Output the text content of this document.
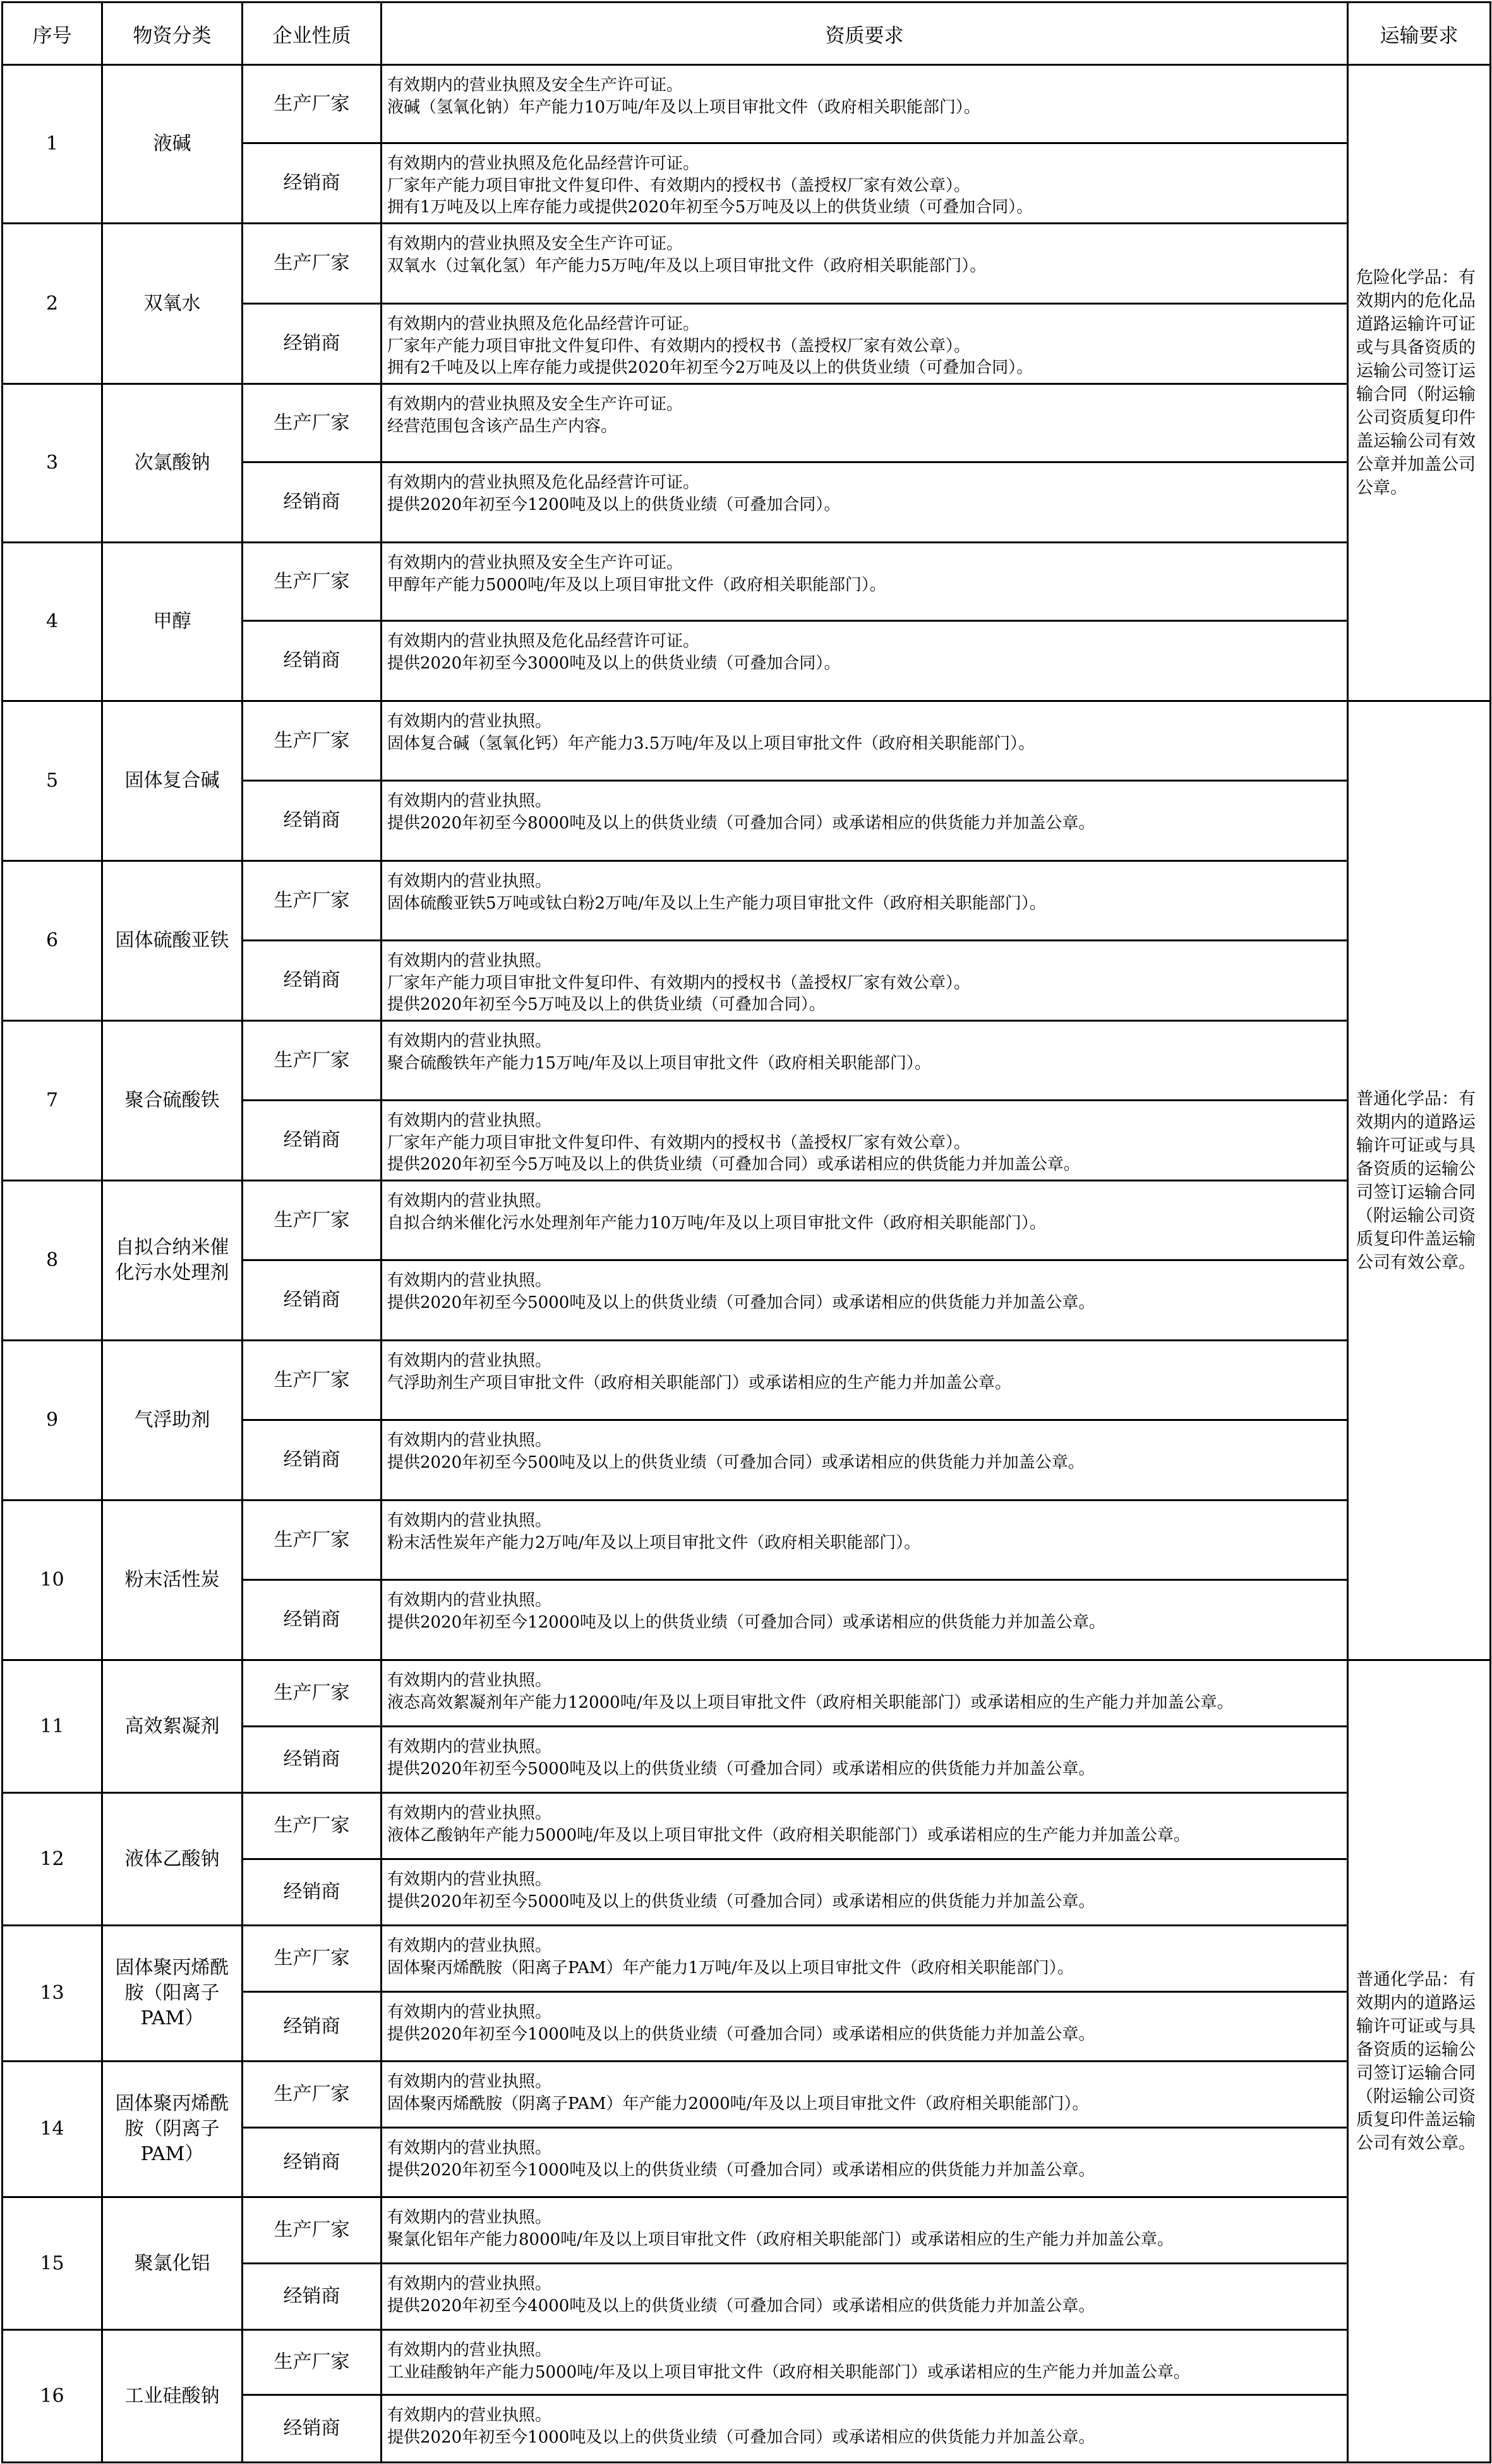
序号	物资分类	企业性质	资质要求	运输要求
1	液碱	生产厂家	有效期内的营业执照及安全生产许可证。
液碱（氢氧化钠）年产能力10万吨/年及以上项目审批文件（政府相关职能部门）。	危险化学品：有效期内的危化品道路运输许可证或与具备资质的运输公司签订运输合同（附运输公司资质复印件盖运输公司有效公章并加盖公司公章。

		经销商	有效期内的营业执照及危化品经营许可证。
厂家年产能力项目审批文件复印件、有效期内的授权书（盖授权厂家有效公章）。
拥有1万吨及以上库存能力或提供2020年初至今5万吨及以上的供货业绩（可叠加合同）。	

2	双氧水	生产厂家	有效期内的营业执照及安全生产许可证。
双氧水（过氧化氢）年产能力5万吨/年及以上项目审批文件（政府相关职能部门）。	

		经销商	有效期内的营业执照及危化品经营许可证。
厂家年产能力项目审批文件复印件、有效期内的授权书（盖授权厂家有效公章）。
拥有2千吨及以上库存能力或提供2020年初至今2万吨及以上的供货业绩（可叠加合同）。	

3	次氯酸钠	生产厂家	有效期内的营业执照及安全生产许可证。
经营范围包含该产品生产内容。	

		经销商	有效期内的营业执照及危化品经营许可证。
提供2020年初至今1200吨及以上的供货业绩（可叠加合同）。	

4	甲醇	生产厂家	有效期内的营业执照及安全生产许可证。
甲醇年产能力5000吨/年及以上项目审批文件（政府相关职能部门）。	

		经销商	有效期内的营业执照及危化品经营许可证。
提供2020年初至今3000吨及以上的供货业绩（可叠加合同）。	

5	固体复合碱	生产厂家	有效期内的营业执照。
固体复合碱（氢氧化钙）年产能力3.5万吨/年及以上项目审批文件（政府相关职能部门）。	普通化学品：有效期内的道路运输许可证或与具备资质的运输公司签订运输合同（附运输公司资质复印件盖运输公司有效公章。

		经销商	有效期内的营业执照。
提供2020年初至今8000吨及以上的供货业绩（可叠加合同）或承诺相应的供货能力并加盖公章。	

6	固体硫酸亚铁	生产厂家	有效期内的营业执照。
固体硫酸亚铁5万吨或钛白粉2万吨/年及以上生产能力项目审批文件（政府相关职能部门）。	

		经销商	有效期内的营业执照。
厂家年产能力项目审批文件复印件、有效期内的授权书（盖授权厂家有效公章）。
提供2020年初至今5万吨及以上的供货业绩（可叠加合同）。	

7	聚合硫酸铁	生产厂家	有效期内的营业执照。
聚合硫酸铁年产能力15万吨/年及以上项目审批文件（政府相关职能部门）。	

		经销商	有效期内的营业执照。
厂家年产能力项目审批文件复印件、有效期内的授权书（盖授权厂家有效公章）。
提供2020年初至今5万吨及以上的供货业绩（可叠加合同）或承诺相应的供货能力并加盖公章。	

8	自拟合纳米催化污水处理剂	生产厂家	有效期内的营业执照。
自拟合纳米催化污水处理剂年产能力10万吨/年及以上项目审批文件（政府相关职能部门）。	

		经销商	有效期内的营业执照。
提供2020年初至今5000吨及以上的供货业绩（可叠加合同）或承诺相应的供货能力并加盖公章。	

9	气浮助剂	生产厂家	有效期内的营业执照。
气浮助剂生产项目审批文件（政府相关职能部门）或承诺相应的生产能力并加盖公章。	

		经销商	有效期内的营业执照。
提供2020年初至今500吨及以上的供货业绩（可叠加合同）或承诺相应的供货能力并加盖公章。	

10	粉末活性炭	生产厂家	有效期内的营业执照。
粉末活性炭年产能力2万吨/年及以上项目审批文件（政府相关职能部门）。	

		经销商	有效期内的营业执照。
提供2020年初至今12000吨及以上的供货业绩（可叠加合同）或承诺相应的供货能力并加盖公章。	

11	高效絮凝剂	生产厂家	有效期内的营业执照。
液态高效絮凝剂年产能力12000吨/年及以上项目审批文件（政府相关职能部门）或承诺相应的生产能力并加盖公章。	普通化学品：有效期内的道路运输许可证或与具备资质的运输公司签订运输合同（附运输公司资质复印件盖运输公司有效公章。

		经销商	有效期内的营业执照。
提供2020年初至今5000吨及以上的供货业绩（可叠加合同）或承诺相应的供货能力并加盖公章。	

12	液体乙酸钠	生产厂家	有效期内的营业执照。
液体乙酸钠年产能力5000吨/年及以上项目审批文件（政府相关职能部门）或承诺相应的生产能力并加盖公章。	

		经销商	有效期内的营业执照。
提供2020年初至今5000吨及以上的供货业绩（可叠加合同）或承诺相应的供货能力并加盖公章。	

13	固体聚丙烯酰胺（阳离子PAM）	生产厂家	有效期内的营业执照。
固体聚丙烯酰胺（阳离子PAM）年产能力1万吨/年及以上项目审批文件（政府相关职能部门）。	

		经销商	有效期内的营业执照。
提供2020年初至今1000吨及以上的供货业绩（可叠加合同）或承诺相应的供货能力并加盖公章。	

14	固体聚丙烯酰胺（阴离子PAM）	生产厂家	有效期内的营业执照。
固体聚丙烯酰胺（阴离子PAM）年产能力2000吨/年及以上项目审批文件（政府相关职能部门）。	

		经销商	有效期内的营业执照。
提供2020年初至今1000吨及以上的供货业绩（可叠加合同）或承诺相应的供货能力并加盖公章。	

15	聚氯化铝	生产厂家	有效期内的营业执照。
聚氯化铝年产能力8000吨/年及以上项目审批文件（政府相关职能部门）或承诺相应的生产能力并加盖公章。	

		经销商	有效期内的营业执照。
提供2020年初至今4000吨及以上的供货业绩（可叠加合同）或承诺相应的供货能力并加盖公章。	

16	工业硅酸钠	生产厂家	有效期内的营业执照。
工业硅酸钠年产能力5000吨/年及以上项目审批文件（政府相关职能部门）或承诺相应的生产能力并加盖公章。	

		经销商	有效期内的营业执照。
提供2020年初至今1000吨及以上的供货业绩（可叠加合同）或承诺相应的供货能力并加盖公章。	
